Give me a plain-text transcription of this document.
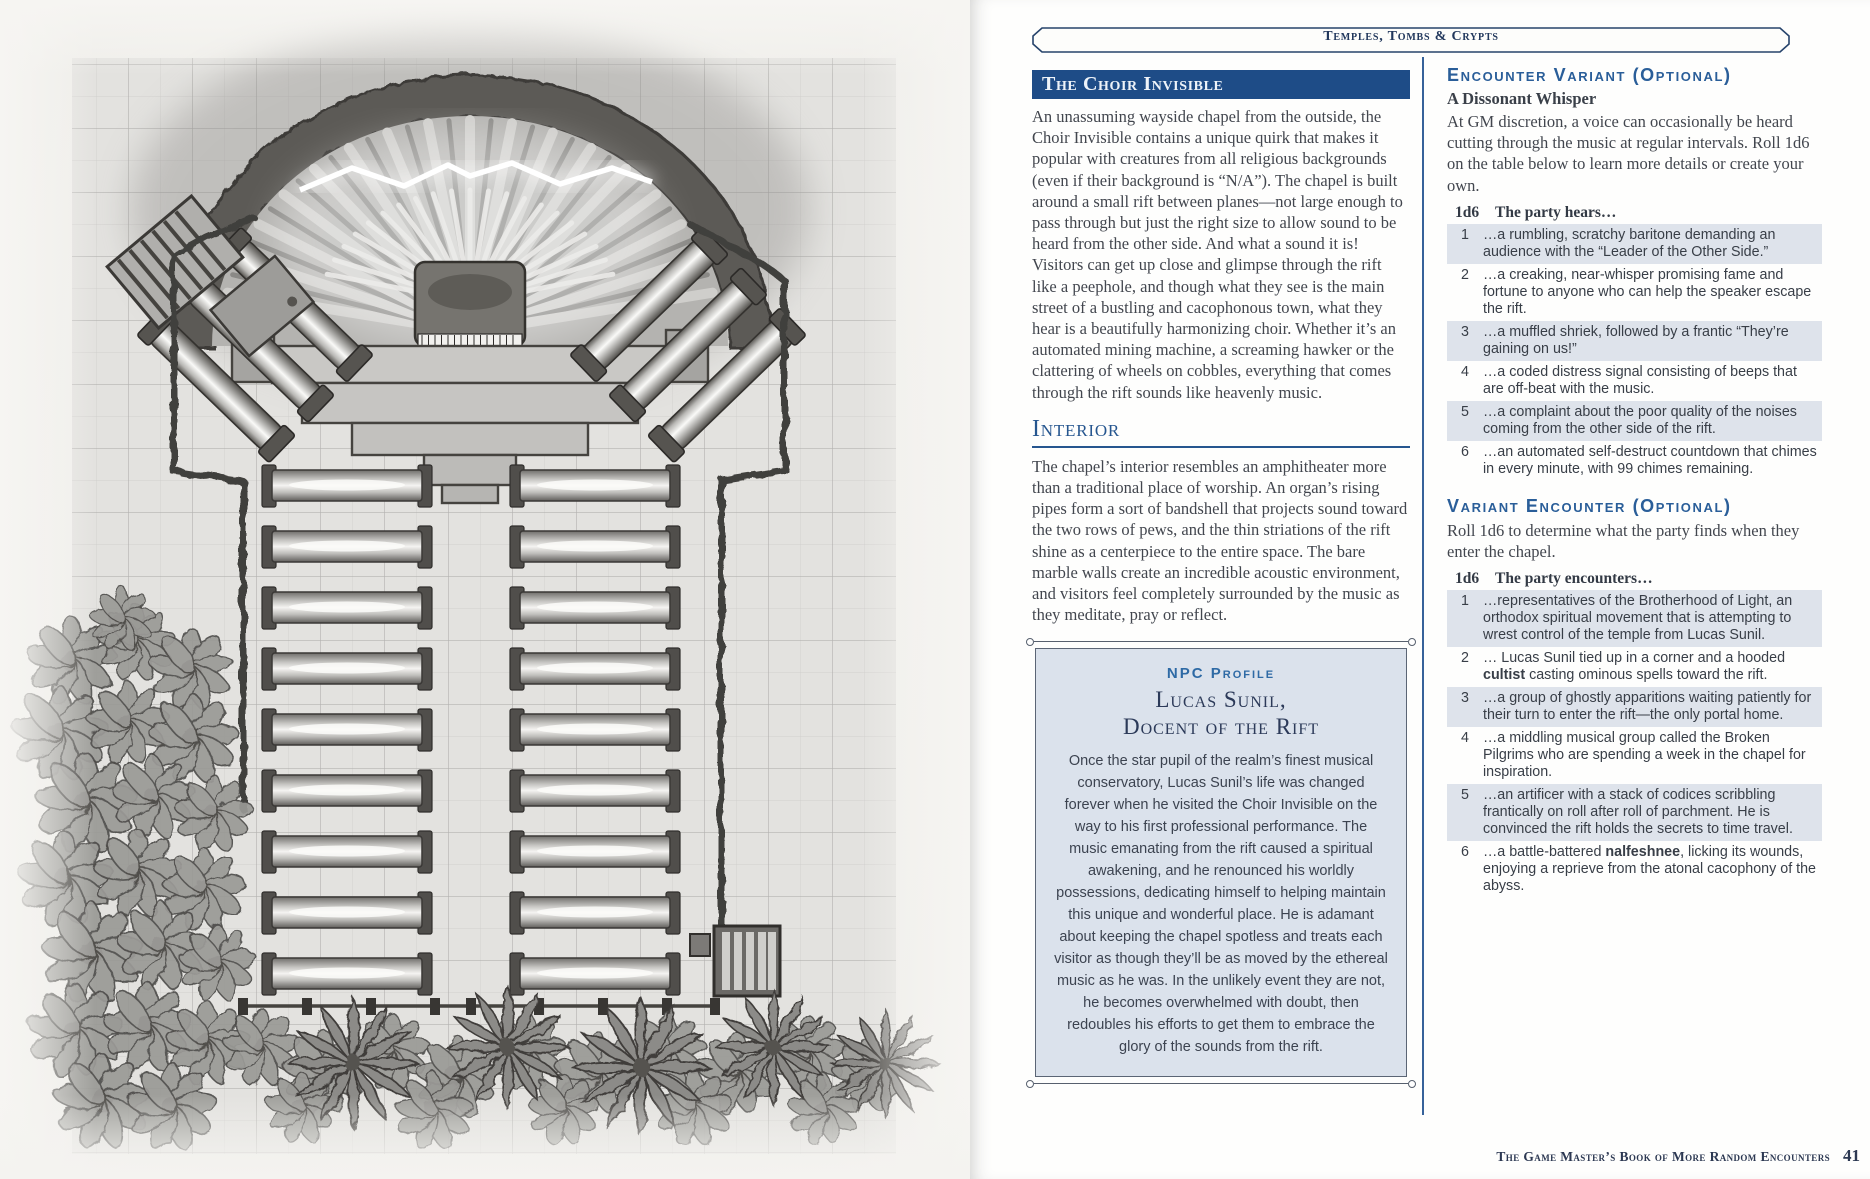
Temples, Tombs & Crypts
The Choir Invisible

An unassuming wayside chapel from the outside, the Choir Invisible contains a unique quirk that makes it popular with creatures from all religious backgrounds (even if their background is “N/A”). The chapel is built around a small rift between planes—not large enough to pass through but just the right size to allow sound to be heard from the other side. And what a sound it is! Visitors can get up close and glimpse through the rift like a peephole, and though what they see is the main street of a bustling and cacophonous town, what they hear is a beautifully harmonizing choir. Whether it’s an automated mining machine, a screaming hawker or the clattering of wheels on cobbles, everything that comes through the rift sounds like heavenly music.

Interior

The chapel’s interior resembles an amphitheater more than a traditional place of worship. An organ’s rising pipes form a sort of bandshell that projects sound toward the two rows of pews, and the thin striations of the rift shine as a centerpiece to the entire space. The bare marble walls create an incredible acoustic environment, and visitors feel completely surrounded by the music as they meditate, pray or reflect.

NPC Profile
Lucas Sunil,
Docent of the Rift

Once the star pupil of the realm’s finest musical conservatory, Lucas Sunil’s life was changed forever when he visited the Choir Invisible on the way to his first professional performance. The music emanating from the rift caused a spiritual awakening, and he renounced his worldly possessions, dedicating himself to helping maintain this unique and wonderful place. He is adamant about keeping the chapel spotless and treats each visitor as though they’ll be as moved by the ethereal music as he was. In the unlikely event they are not, he becomes overwhelmed with doubt, then redoubles his efforts to get them to embrace the glory of the sounds from the rift.

Encounter Variant (Optional)
A Dissonant Whisper

At GM discretion, a voice can occasionally be heard cutting through the music at regular intervals. Roll 1d6 on the table below to learn more details or create your own.

1d6	The party hears…
1 …a rumbling, scratchy baritone demanding an audience with the “Leader of the Other Side.”
2 …a creaking, near-whisper promising fame and fortune to anyone who can help the speaker escape the rift.
3 …a muffled shriek, followed by a frantic “They’re gaining on us!”
4 …a coded distress signal consisting of beeps that are off-beat with the music.
5 …a complaint about the poor quality of the noises coming from the other side of the rift.
6 …an automated self-destruct countdown that chimes in every minute, with 99 chimes remaining.
Variant Encounter (Optional)

Roll 1d6 to determine what the party finds when they enter the chapel.

1d6	The party encounters…
1 …representatives of the Brotherhood of Light, an orthodox spiritual movement that is attempting to wrest control of the temple from Lucas Sunil.
2 … Lucas Sunil tied up in a corner and a hooded cultist casting ominous spells toward the rift.
3 …a group of ghostly apparitions waiting patiently for their turn to enter the rift—the only portal home.
4 …a middling musical group called the Broken Pilgrims who are spending a week in the chapel for inspiration.
5 …an artificer with a stack of codices scribbling frantically on roll after roll of parchment. He is convinced the rift holds the secrets to time travel.
6 …a battle-battered nalfeshnee, licking its wounds, enjoying a reprieve from the atonal cacophony of the abyss.
The Game Master’s Book of More Random Encounters 41
